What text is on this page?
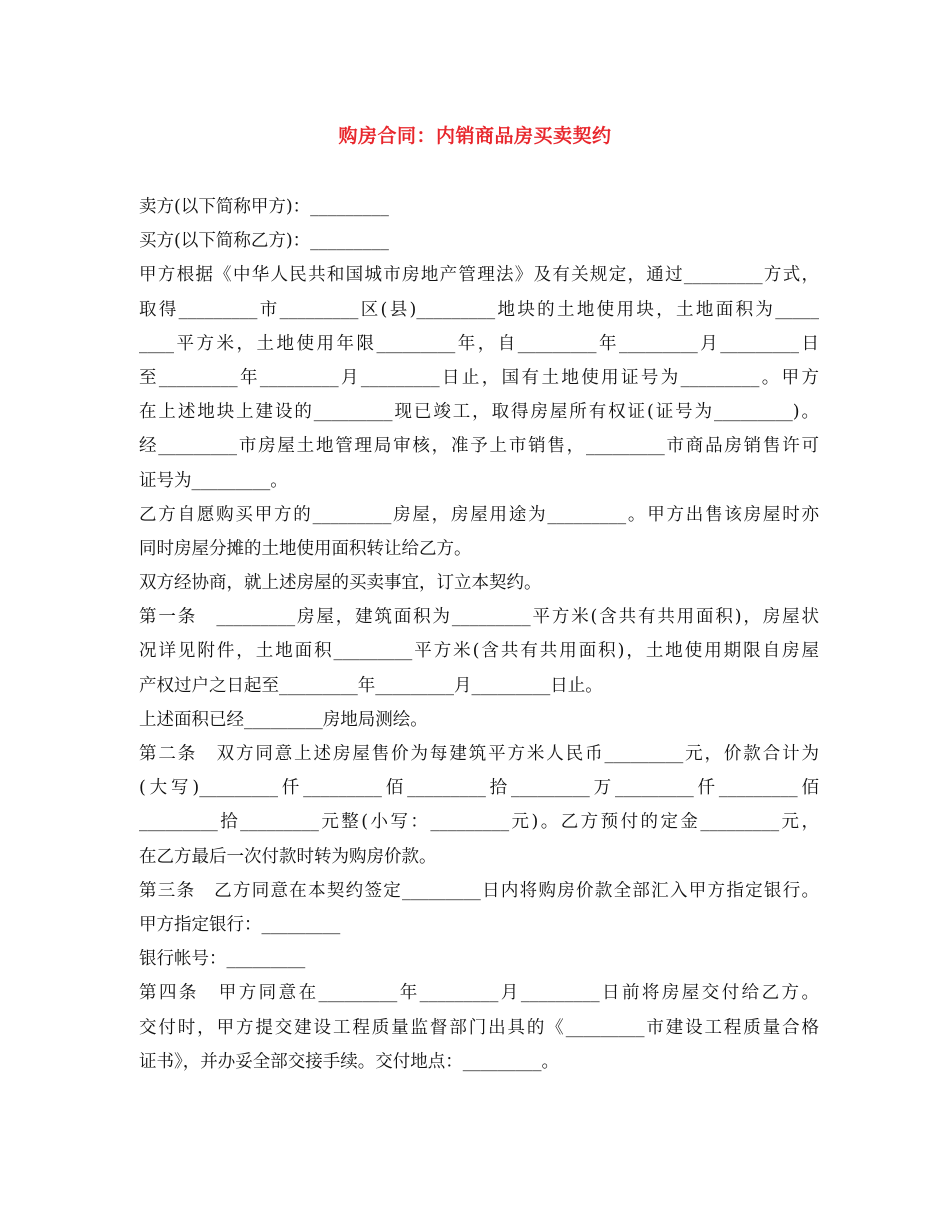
购房合同：内销商品房买卖契约
卖方(以下简称甲方)：_________
买方(以下简称乙方)：_________
甲方根据《中华人民共和国城市房地产管理法》及有关规定，通过_________方式，
取得_________市_________区(县)_________地块的土地使用块，土地面积为_____
____平方米，土地使用年限_________年，自_________年_________月_________日
至_________年_________月_________日止，国有土地使用证号为_________。甲方
在上述地块上建设的_________现已竣工，取得房屋所有权证(证号为_________)。
经_________市房屋土地管理局审核，准予上市销售，_________市商品房销售许可
证号为_________。
乙方自愿购买甲方的_________房屋，房屋用途为_________。甲方出售该房屋时亦
同时房屋分摊的土地使用面积转让给乙方。
双方经协商，就上述房屋的买卖事宜，订立本契约。
第一条　_________房屋，建筑面积为_________平方米(含共有共用面积)，房屋状
况详见附件，土地面积_________平方米(含共有共用面积)，土地使用期限自房屋
产权过户之日起至_________年_________月_________日止。
上述面积已经_________房地局测绘。
第二条　双方同意上述房屋售价为每建筑平方米人民币_________元，价款合计为
(大写)_________仟_________佰_________拾_________万_________仟_________佰
_________拾_________元整(小写：_________元)。乙方预付的定金_________元，
在乙方最后一次付款时转为购房价款。
第三条　乙方同意在本契约签定_________日内将购房价款全部汇入甲方指定银行。
甲方指定银行：_________
银行帐号：_________
第四条　甲方同意在_________年_________月_________日前将房屋交付给乙方。
交付时，甲方提交建设工程质量监督部门出具的《_________市建设工程质量合格
证书》，并办妥全部交接手续。交付地点：_________。
